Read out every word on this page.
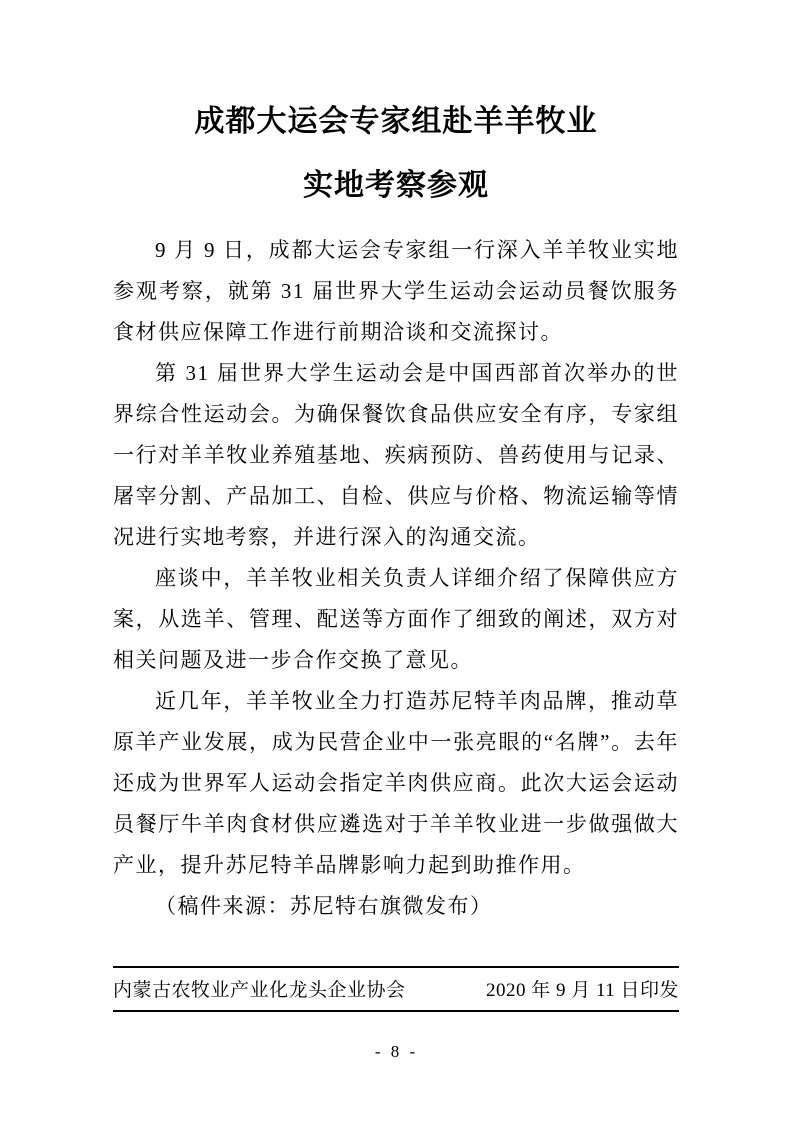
成都大运会专家组赴羊羊牧业
实地考察参观

9 月 9 日，成都大运会专家组一行深入羊羊牧业实地参观考察，就第 31 届世界大学生运动会运动员餐饮服务食材供应保障工作进行前期洽谈和交流探讨。

第 31 届世界大学生运动会是中国西部首次举办的世界综合性运动会。为确保餐饮食品供应安全有序，专家组一行对羊羊牧业养殖基地、疾病预防、兽药使用与记录、屠宰分割、产品加工、自检、供应与价格、物流运输等情况进行实地考察，并进行深入的沟通交流。

座谈中，羊羊牧业相关负责人详细介绍了保障供应方案，从选羊、管理、配送等方面作了细致的阐述，双方对相关问题及进一步合作交换了意见。

近几年，羊羊牧业全力打造苏尼特羊肉品牌，推动草原羊产业发展，成为民营企业中一张亮眼的“名牌”。去年还成为世界军人运动会指定羊肉供应商。此次大运会运动员餐厅牛羊肉食材供应遴选对于羊羊牧业进一步做强做大产业，提升苏尼特羊品牌影响力起到助推作用。

（稿件来源：苏尼特右旗微发布）

内蒙古农牧业产业化龙头企业协会	2020 年 9 月 11 日印发
- 8 -
